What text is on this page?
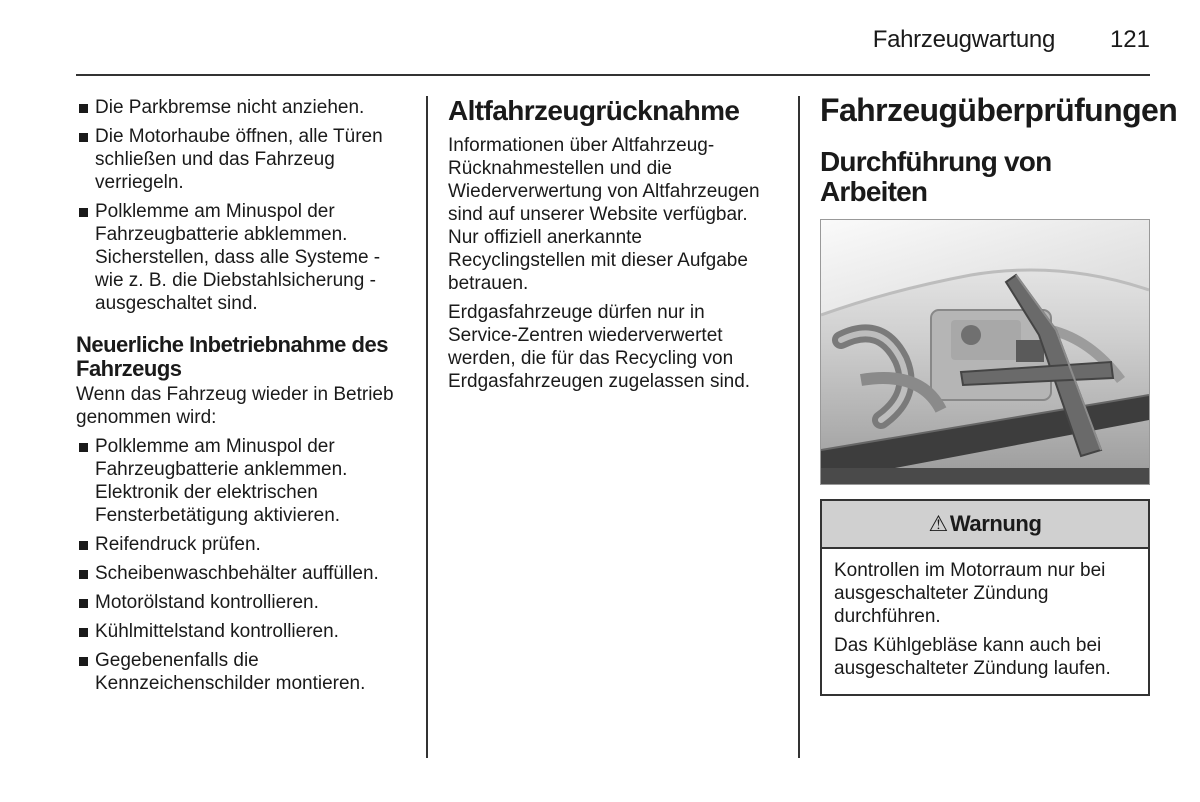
Fahrzeugwartung 121
Die Parkbremse nicht anziehen.
Die Motorhaube öffnen, alle Türen schließen und das Fahrzeug verriegeln.
Polklemme am Minuspol der Fahrzeugbatterie abklemmen. Sicherstellen, dass alle Systeme - wie z. B. die Diebstahlsicherung - ausgeschaltet sind.
Neuerliche Inbetriebnahme des Fahrzeugs

Wenn das Fahrzeug wieder in Betrieb genommen wird:

Polklemme am Minuspol der Fahrzeugbatterie anklemmen. Elektronik der elektrischen Fensterbetätigung aktivieren.
Reifendruck prüfen.
Scheibenwaschbehälter auffüllen.
Motorölstand kontrollieren.
Kühlmittelstand kontrollieren.
Gegebenenfalls die Kennzeichenschilder montieren.
Altfahrzeugrücknahme

Informationen über Altfahrzeug-Rücknahmestellen und die Wiederverwertung von Altfahrzeugen sind auf unserer Website verfügbar. Nur offiziell anerkannte Recyclingstellen mit dieser Aufgabe betrauen.

Erdgasfahrzeuge dürfen nur in Service-Zentren wiederverwertet werden, die für das Recycling von Erdgasfahrzeugen zugelassen sind.

Fahrzeugüberprüfungen
Durchführung von Arbeiten
⚠ Warnung

Kontrollen im Motorraum nur bei ausgeschalteter Zündung durchführen.

Das Kühlgebläse kann auch bei ausgeschalteter Zündung laufen.
